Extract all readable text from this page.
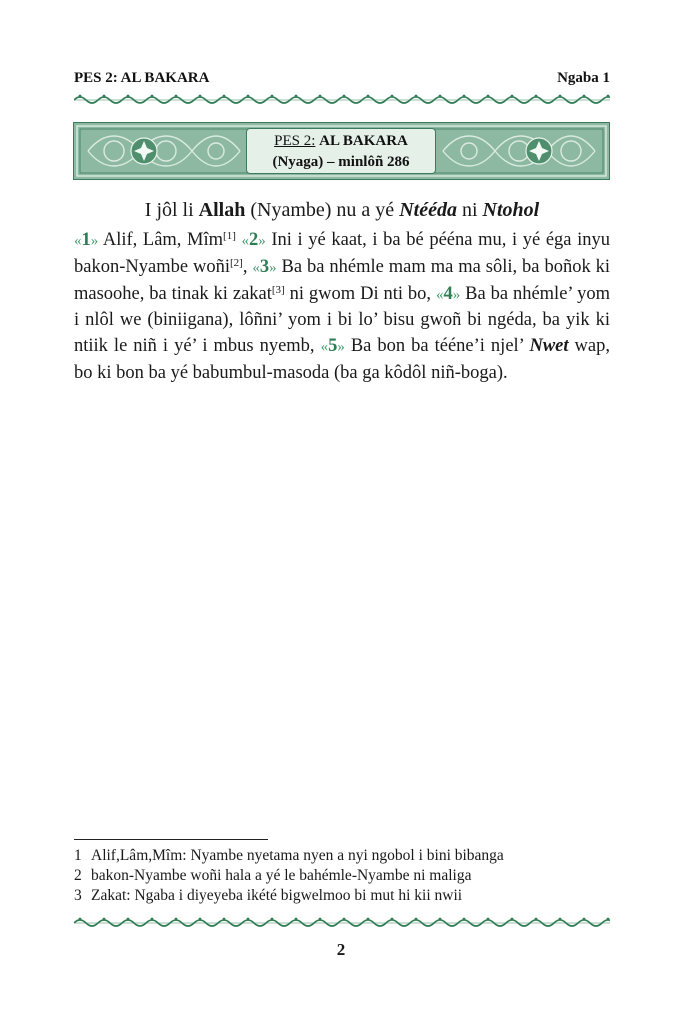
PES 2: AL BAKARA	Ngaba 1
PES 2: AL BAKARA
(Nyaga) – minlôñ 286
I jôl li Allah (Nyambe) nu a yé Ntééda ni Ntohol
«1» Alif, Lâm, Mîm[1] «2» Ini i yé kaat, i ba bé pééna mu, i yé éga inyu bakon-Nyambe woñi[2], «3» Ba ba nhémle mam ma ma sôli, ba boñok ki masoohe, ba tinak ki zakat[3] ni gwom Di nti bo, «4» Ba ba nhémle’ yom i nlôl we (biniigana), lôñni’ yom i bi lo’ bisu gwoñ bi ngéda, ba yik ki ntiik le niñ i yé’ i mbus nyemb, «5» Ba bon ba tééne’i njel’ Nwet wap, bo ki bon ba yé babumbul-masoda (ba ga kôdôl niñ-boga).
1 Alif,Lâm,Mîm: Nyambe nyetama nyen a nyi ngobol i bini bibanga
2 bakon-Nyambe woñi hala a yé le bahémle-Nyambe ni maliga
3 Zakat: Ngaba i diyeyeba ikété bigwelmoo bi mut hi kii nwii
2
